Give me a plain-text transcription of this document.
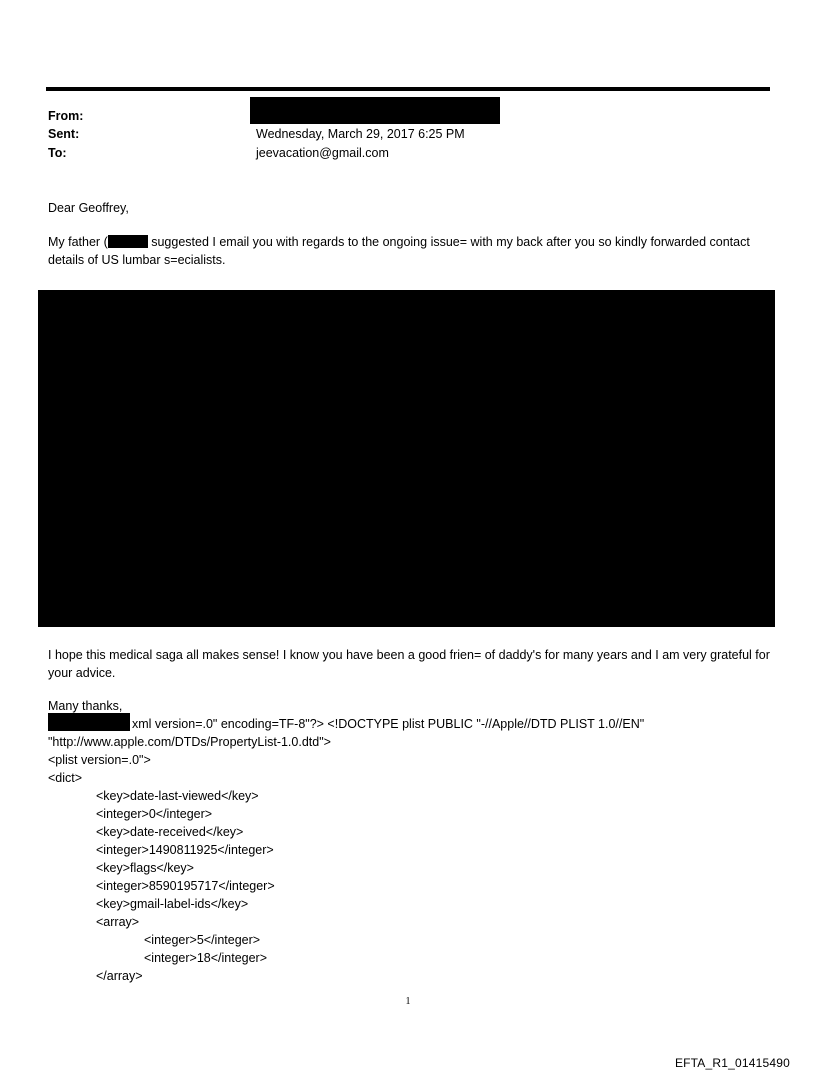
From:
Sent:	Wednesday, March 29, 2017 6:25 PM
To:	jeevacation@gmail.com
Dear Geoffrey,
My father (	suggested I email you with regards to the ongoing issue= with my back after you so kindly forwarded contact details of US lumbar s=ecialists.
I hope this medical saga all makes sense! I know you have been a good frien= of daddy's for many years and I am very grateful for your advice.
Many thanks,
xml version=.0" encoding=TF-8"?> <!DOCTYPE plist PUBLIC "-//Apple//DTD PLIST 1.0//EN"
"http://www.apple.com/DTDs/PropertyList-1.0.dtd">
<plist version=.0">
<dict>
<key>date-last-viewed</key>
<integer>0</integer>
<key>date-received</key>
<integer>1490811925</integer>
<key>flags</key>
<integer>8590195717</integer>
<key>gmail-label-ids</key>
<array>
<integer>5</integer>
<integer>18</integer>
</array>
1
EFTA_R1_01415490
